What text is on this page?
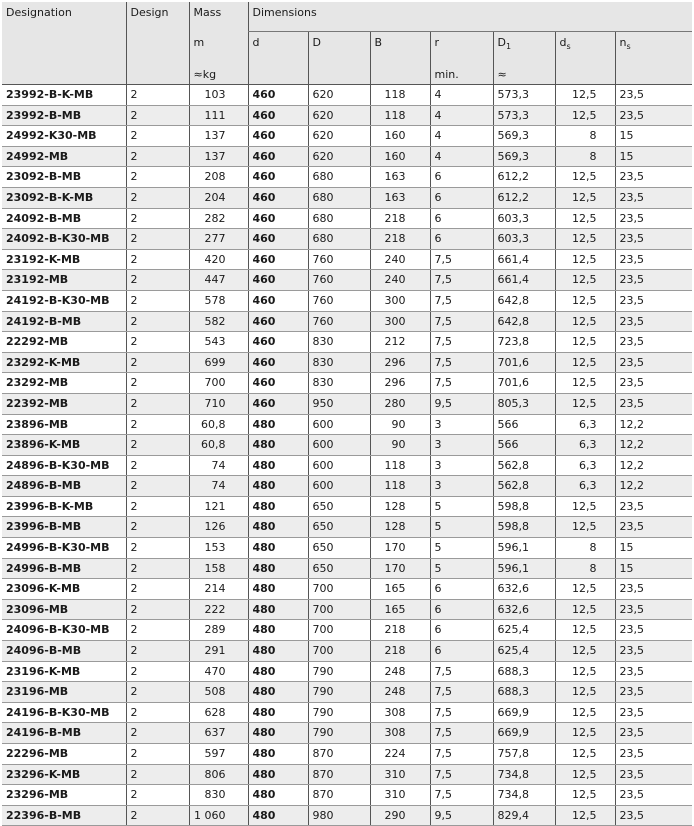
Designation	Design	Mass	Dimensions						
		m	d	D	B	r	$D_1$	$d_s$	$n_s$
		≈kg				min.	≈		
23992-B-K-MB	2	103	460	620	118	4	573,3	12,5	23,5
23992-B-MB	2	111	460	620	118	4	573,3	12,5	23,5
24992-K30-MB	2	137	460	620	160	4	569,3	8	15
24992-MB	2	137	460	620	160	4	569,3	8	15
23092-B-MB	2	208	460	680	163	6	612,2	12,5	23,5
23092-B-K-MB	2	204	460	680	163	6	612,2	12,5	23,5
24092-B-MB	2	282	460	680	218	6	603,3	12,5	23,5
24092-B-K30-MB	2	277	460	680	218	6	603,3	12,5	23,5
23192-K-MB	2	420	460	760	240	7,5	661,4	12,5	23,5
23192-MB	2	447	460	760	240	7,5	661,4	12,5	23,5
24192-B-K30-MB	2	578	460	760	300	7,5	642,8	12,5	23,5
24192-B-MB	2	582	460	760	300	7,5	642,8	12,5	23,5
22292-MB	2	543	460	830	212	7,5	723,8	12,5	23,5
23292-K-MB	2	699	460	830	296	7,5	701,6	12,5	23,5
23292-MB	2	700	460	830	296	7,5	701,6	12,5	23,5
22392-MB	2	710	460	950	280	9,5	805,3	12,5	23,5
23896-MB	2	60,8	480	600	90	3	566	6,3	12,2
23896-K-MB	2	60,8	480	600	90	3	566	6,3	12,2
24896-B-K30-MB	2	74	480	600	118	3	562,8	6,3	12,2
24896-B-MB	2	74	480	600	118	3	562,8	6,3	12,2
23996-B-K-MB	2	121	480	650	128	5	598,8	12,5	23,5
23996-B-MB	2	126	480	650	128	5	598,8	12,5	23,5
24996-B-K30-MB	2	153	480	650	170	5	596,1	8	15
24996-B-MB	2	158	480	650	170	5	596,1	8	15
23096-K-MB	2	214	480	700	165	6	632,6	12,5	23,5
23096-MB	2	222	480	700	165	6	632,6	12,5	23,5
24096-B-K30-MB	2	289	480	700	218	6	625,4	12,5	23,5
24096-B-MB	2	291	480	700	218	6	625,4	12,5	23,5
23196-K-MB	2	470	480	790	248	7,5	688,3	12,5	23,5
23196-MB	2	508	480	790	248	7,5	688,3	12,5	23,5
24196-B-K30-MB	2	628	480	790	308	7,5	669,9	12,5	23,5
24196-B-MB	2	637	480	790	308	7,5	669,9	12,5	23,5
22296-MB	2	597	480	870	224	7,5	757,8	12,5	23,5
23296-K-MB	2	806	480	870	310	7,5	734,8	12,5	23,5
23296-MB	2	830	480	870	310	7,5	734,8	12,5	23,5
22396-B-MB	2	1 060	480	980	290	9,5	829,4	12,5	23,5
